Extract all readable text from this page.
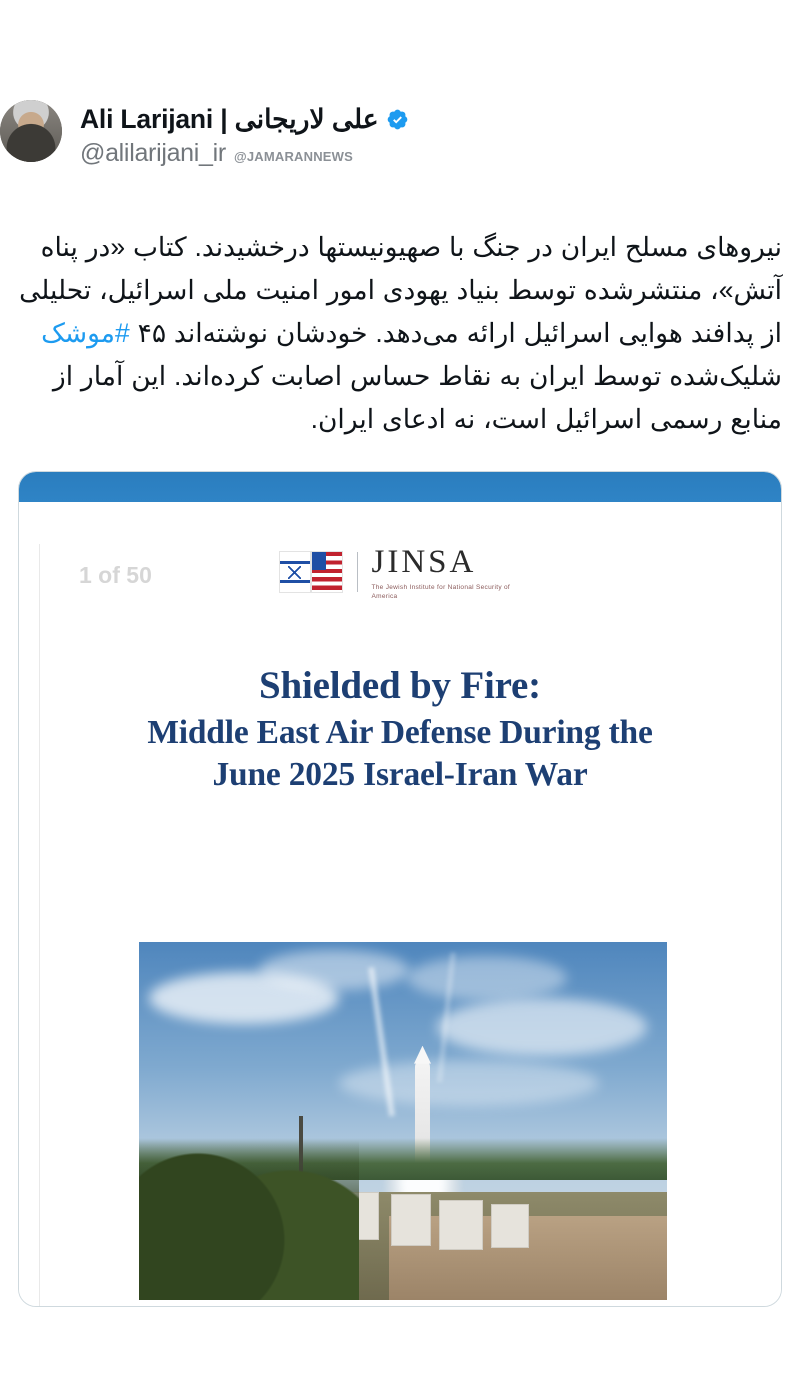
Ali Larijani | علی لاریجانی
@alilarijani_ir @JAMARANNEWS
نیروهای مسلح ایران در جنگ با صهیونیستها درخشیدند. کتاب «در پناه آتش»، منتشرشده توسط بنیاد یهودی امور امنیت ملی اسرائیل، تحلیلی از پدافند هوایی اسرائیل ارائه می‌دهد. خودشان نوشته‌اند ۴۵ #موشک شلیک‌شده توسط ایران به نقاط حساس اصابت کرده‌اند. این آمار از منابع رسمی اسرائیل است، نه ادعای ایران.
1 of 50	JINSA
The Jewish Institute for National Security of America
Shielded by Fire:
Middle East Air Defense During the
June 2025 Israel-Iran War
